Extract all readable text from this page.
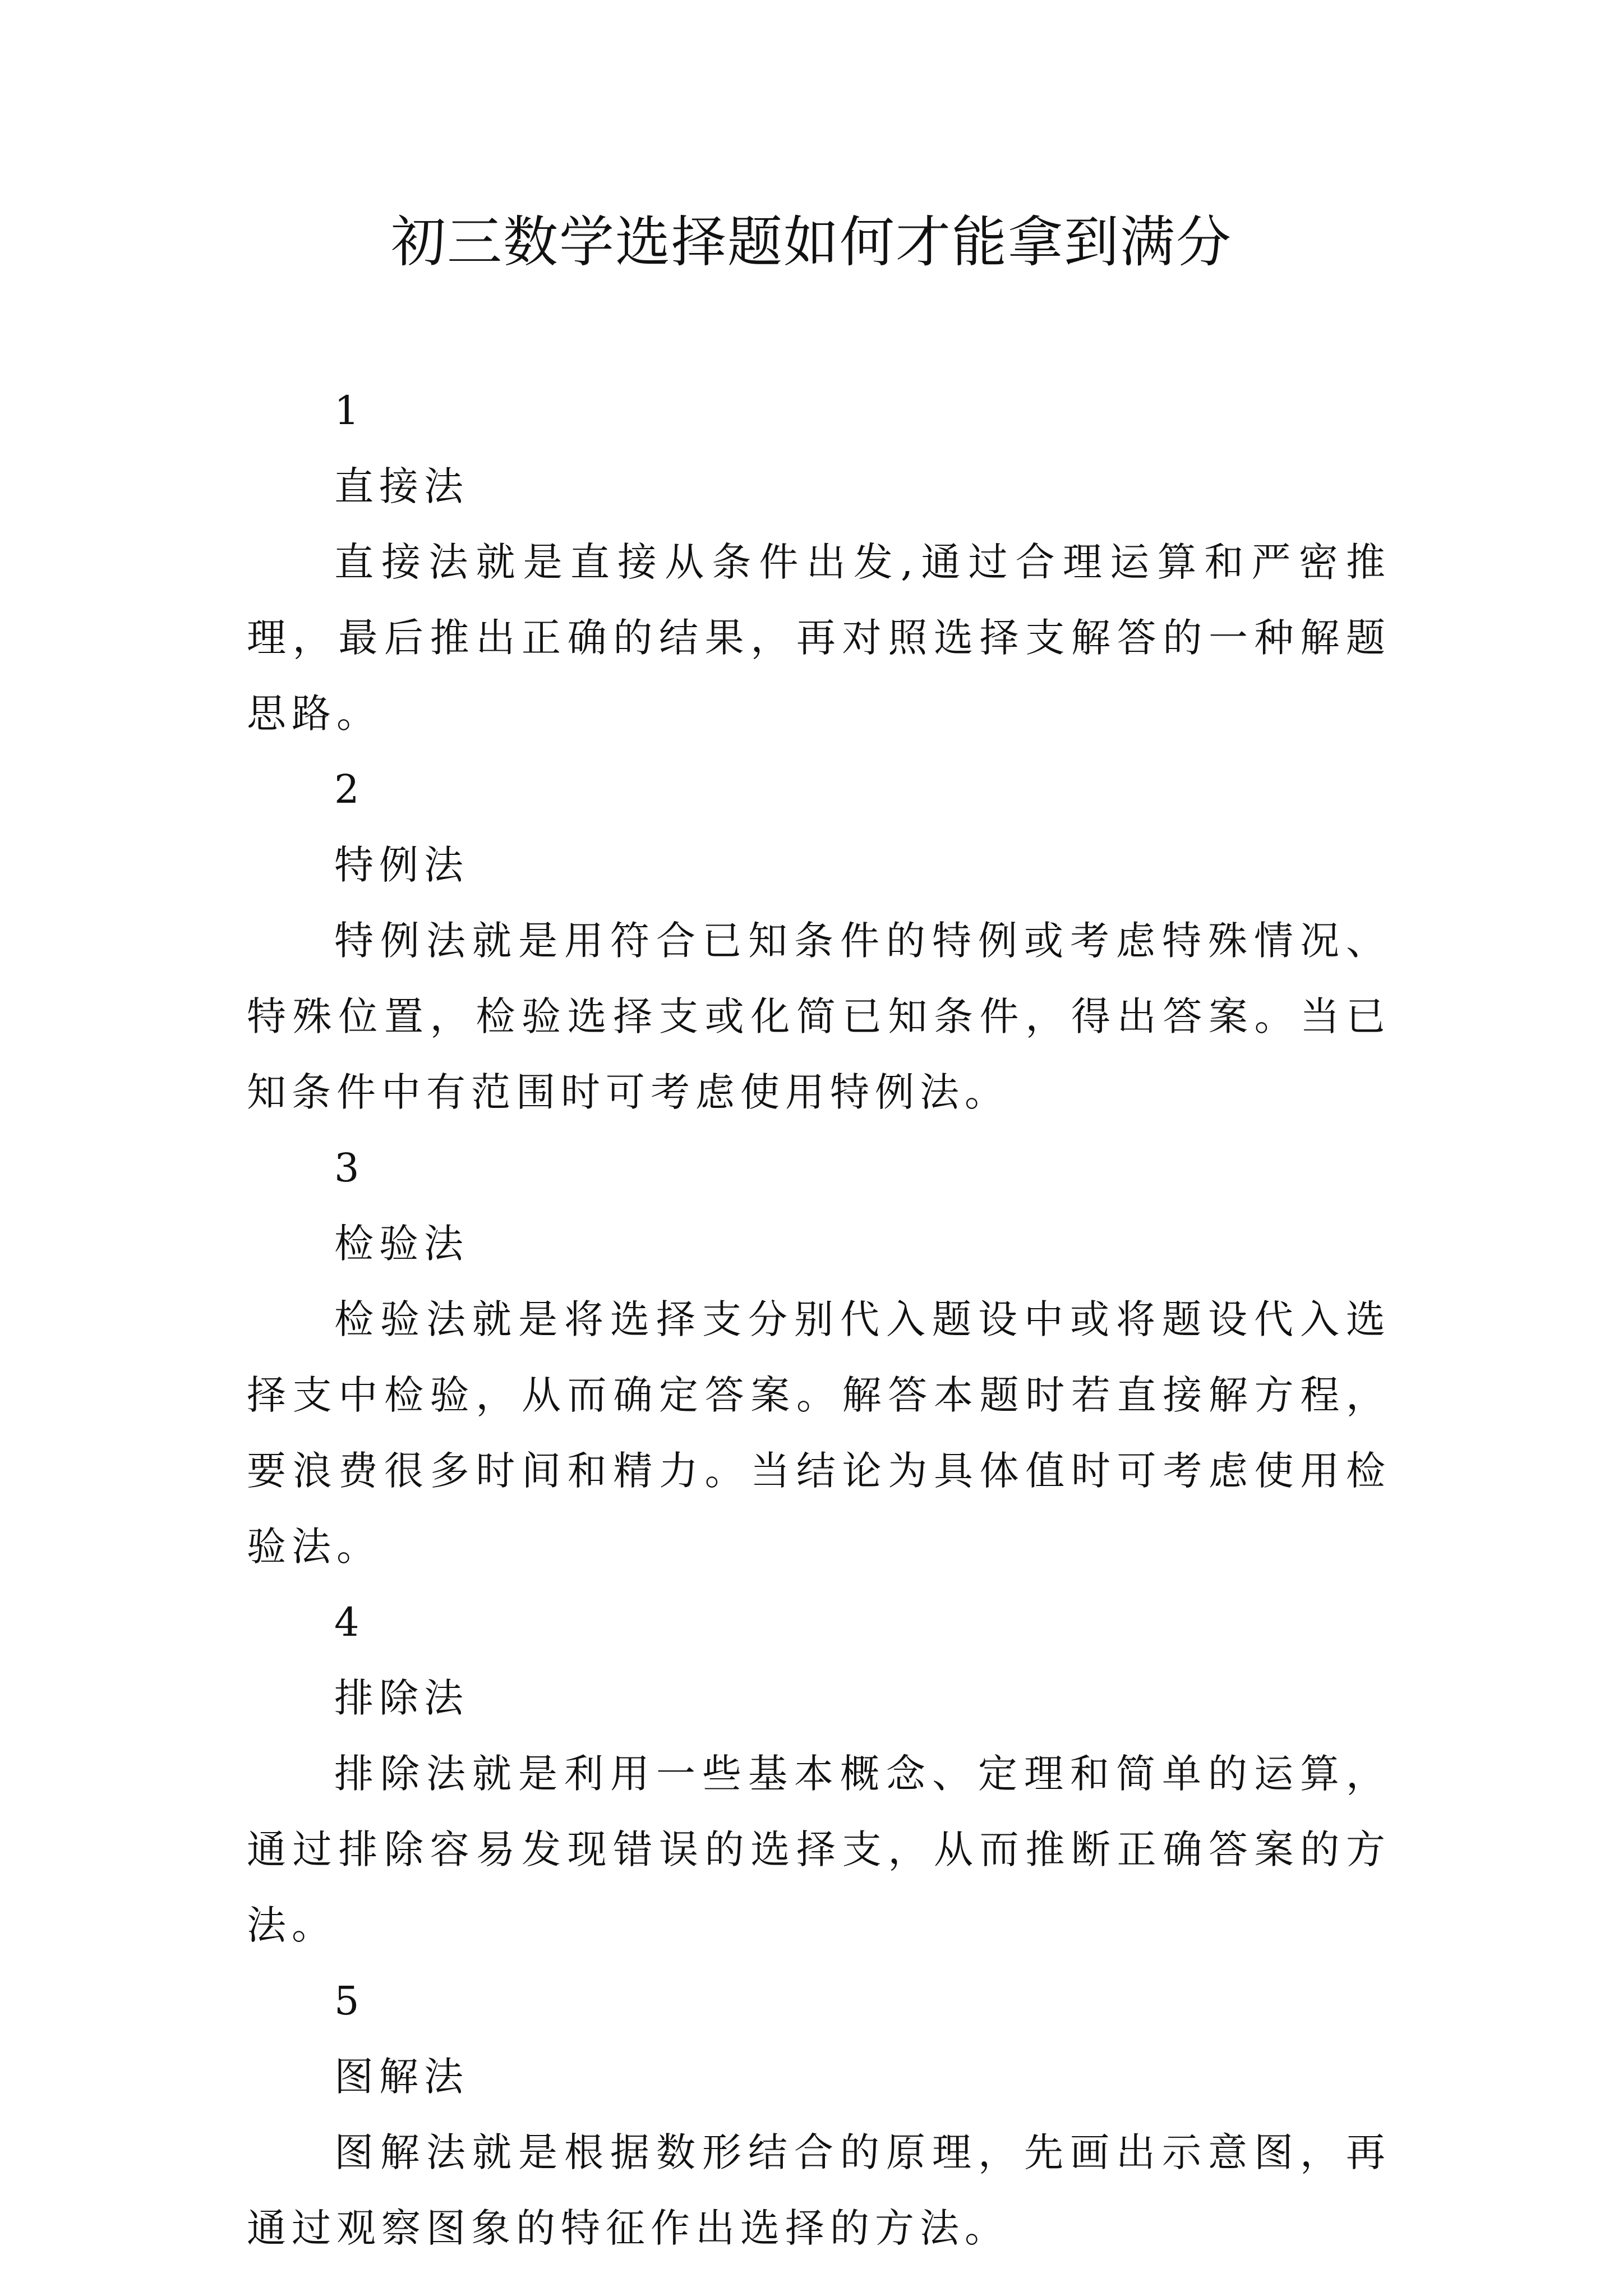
初三数学选择题如何才能拿到满分
1
直接法

直接法就是直接从条件出发,通过合理运算和严密推理，最后推出正确的结果，再对照选择支解答的一种解题思路。

2
特例法

特例法就是用符合已知条件的特例或考虑特殊情况、特殊位置，检验选择支或化简已知条件，得出答案。当已知条件中有范围时可考虑使用特例法。

3
检验法

检验法就是将选择支分别代入题设中或将题设代入选择支中检验，从而确定答案。解答本题时若直接解方程，要浪费很多时间和精力。当结论为具体值时可考虑使用检验法。

4
排除法

排除法就是利用一些基本概念、定理和简单的运算，通过排除容易发现错误的选择支，从而推断正确答案的方法。

5
图解法

图解法就是根据数形结合的原理，先画出示意图，再通过观察图象的特征作出选择的方法。
